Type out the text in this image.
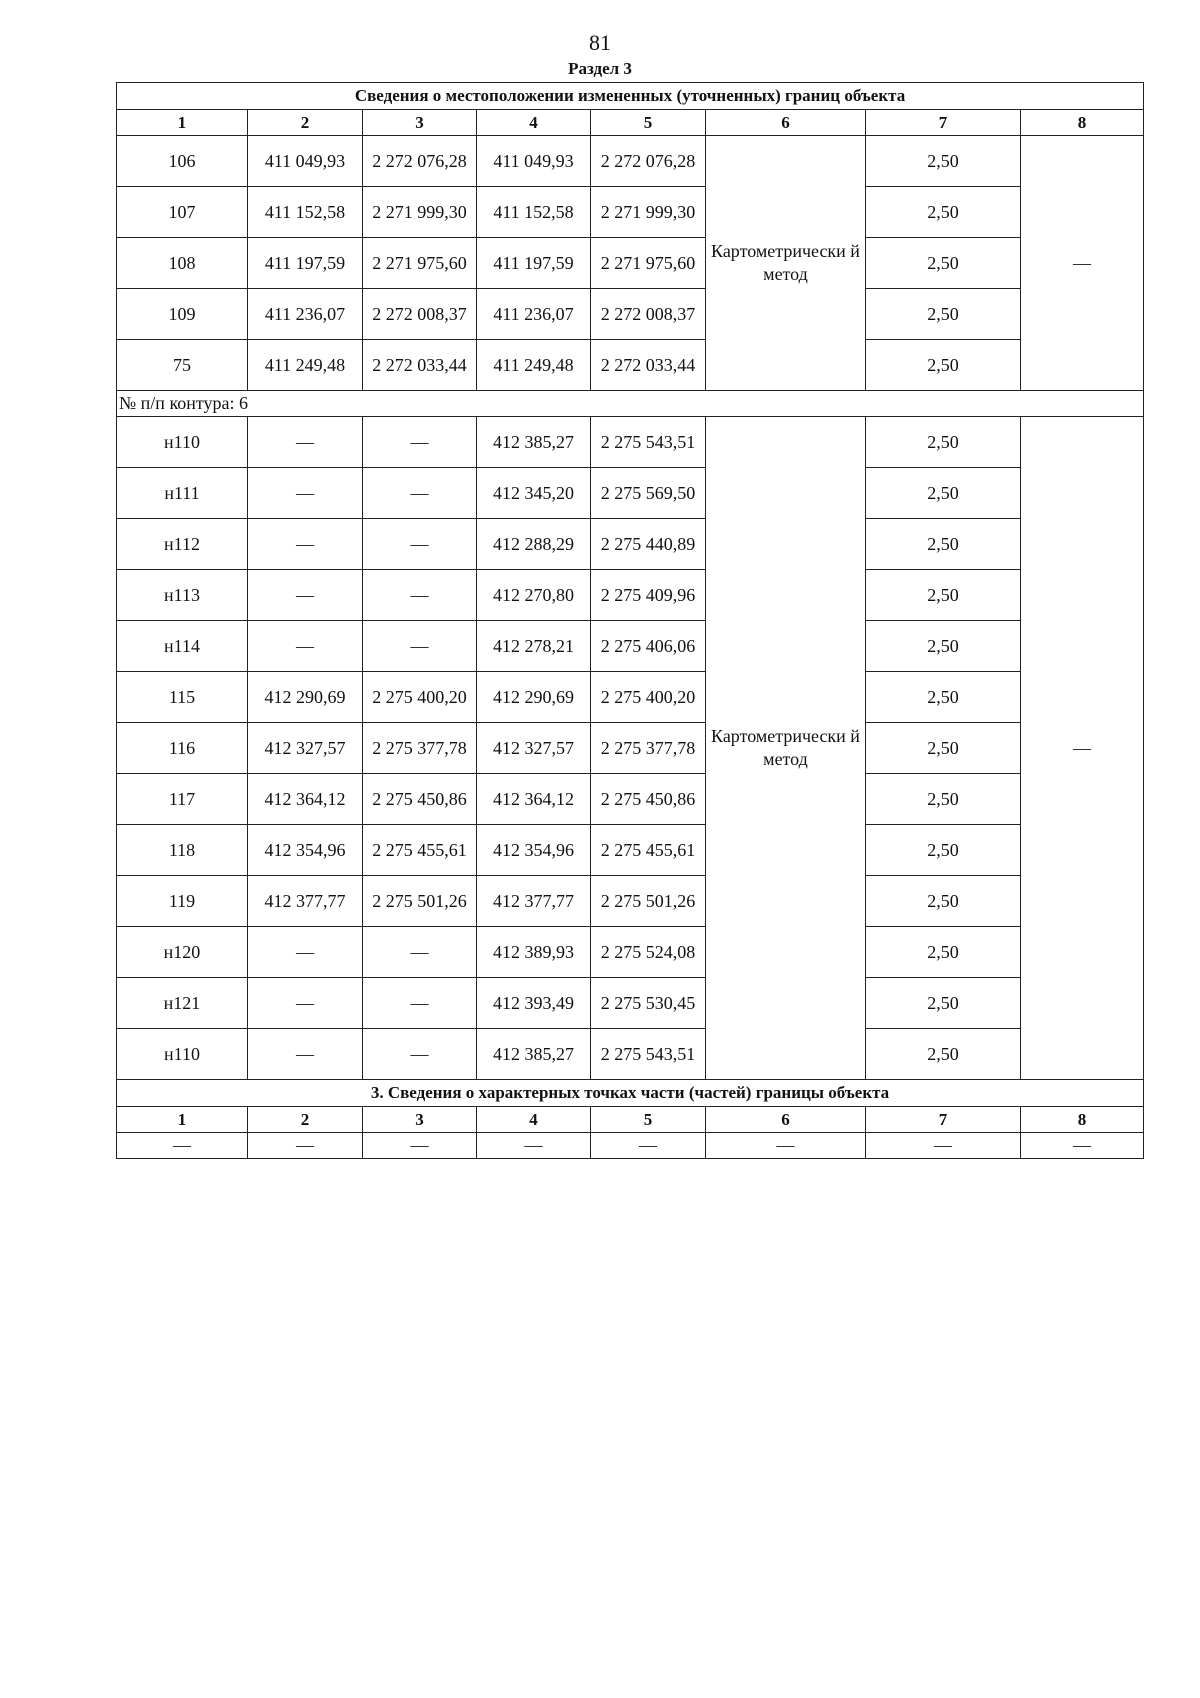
81
Раздел 3
Сведения о местоположении измененных (уточненных) границ объекта							
1	2	3	4	5	6	7	8
106	411 049,93	2 272 076,28	411 049,93	2 272 076,28	Картометрически й метод	2,50	—
107	411 152,58	2 271 999,30	411 152,58	2 271 999,30		2,50	
108	411 197,59	2 271 975,60	411 197,59	2 271 975,60		2,50	
109	411 236,07	2 272 008,37	411 236,07	2 272 008,37		2,50	
75	411 249,48	2 272 033,44	411 249,48	2 272 033,44		2,50	
№ п/п контура: 6							
н110	—	—	412 385,27	2 275 543,51	Картометрически й метод	2,50	—
н111	—	—	412 345,20	2 275 569,50		2,50	
н112	—	—	412 288,29	2 275 440,89		2,50	
н113	—	—	412 270,80	2 275 409,96		2,50	
н114	—	—	412 278,21	2 275 406,06		2,50	
115	412 290,69	2 275 400,20	412 290,69	2 275 400,20		2,50	
116	412 327,57	2 275 377,78	412 327,57	2 275 377,78		2,50	
117	412 364,12	2 275 450,86	412 364,12	2 275 450,86		2,50	
118	412 354,96	2 275 455,61	412 354,96	2 275 455,61		2,50	
119	412 377,77	2 275 501,26	412 377,77	2 275 501,26		2,50	
н120	—	—	412 389,93	2 275 524,08		2,50	
н121	—	—	412 393,49	2 275 530,45		2,50	
н110	—	—	412 385,27	2 275 543,51		2,50	
3. Сведения о характерных точках части (частей) границы объекта							
1	2	3	4	5	6	7	8
—	—	—	—	—	—	—	—
